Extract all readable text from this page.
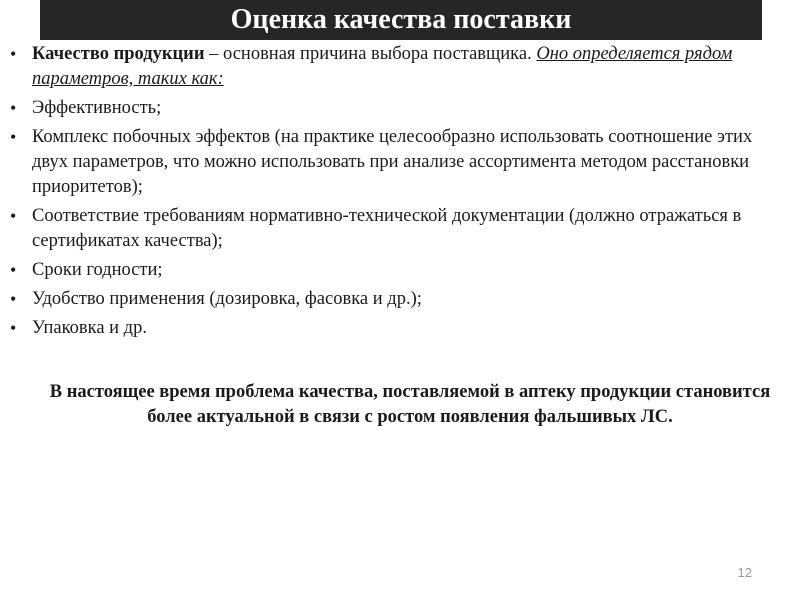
Оценка качества поставки
• Качество продукции – основная причина выбора поставщика. Оно определяется рядом параметров, таких как:
• Эффективность;
• Комплекс побочных эффектов (на практике целесообразно использовать соотношение этих двух параметров, что можно использовать при анализе ассортимента методом расстановки приоритетов);
• Соответствие требованиям нормативно-технической документации (должно отражаться в сертификатах качества);
• Сроки годности;
• Удобство применения (дозировка, фасовка и др.);
• Упаковка и др.
В настоящее время проблема качества, поставляемой в аптеку продукции становится более актуальной в связи с ростом появления фальшивых ЛС.
12
